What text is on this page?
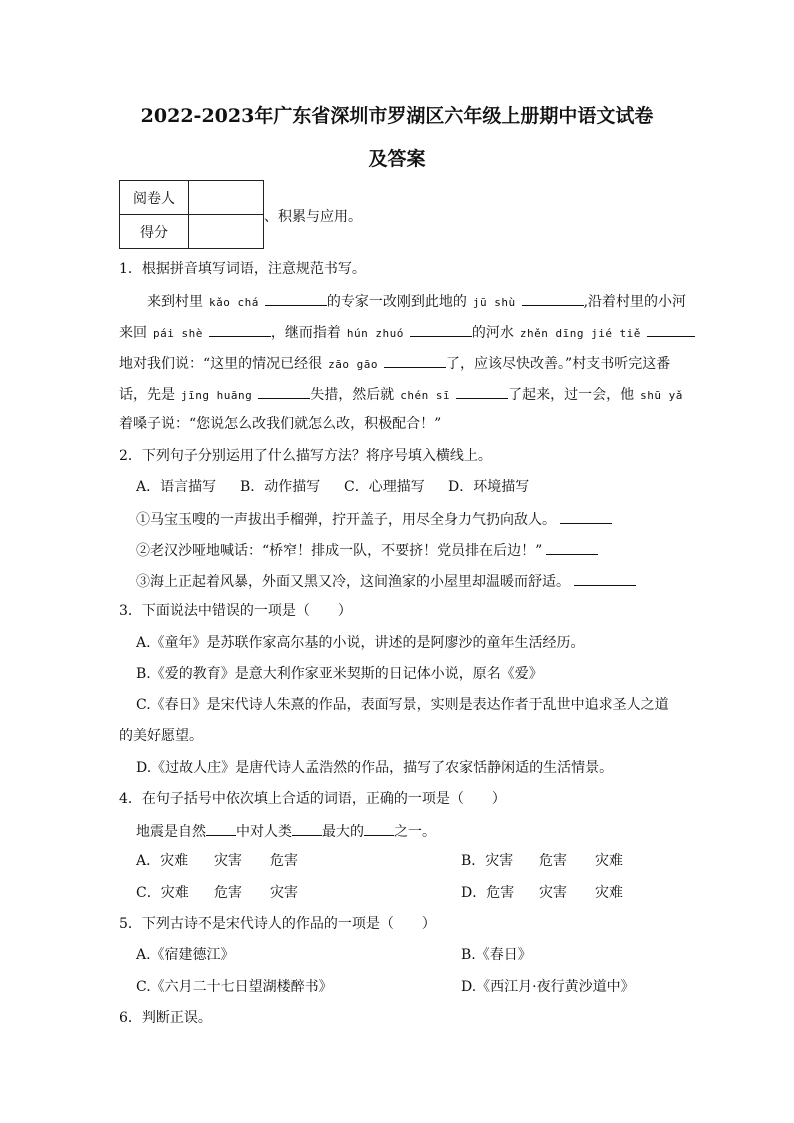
2022-2023年广东省深圳市罗湖区六年级上册期中语文试卷
及答案
阅卷人	
得分	
、积累与应用。
1．根据拼音填写词语，注意规范书写。
来到村里 kǎo chá	的专家一改刚到此地的 jū shù	,沿着村里的小河
来回 pái shè	，继而指着 hún zhuó	的河水 zhěn dīng jié tiě
地对我们说：“这里的情况已经很 zāo gāo	了，应该尽快改善。”村支书听完这番
话，先是 jīng huāng	失措，然后就 chén sī	了起来，过一会，他 shū yǎ
着嗓子说：“您说怎么改我们就怎么改，积极配合！”
2．下列句子分别运用了什么描写方法？将序号填入横线上。
A．语言描写 B．动作描写 C．心理描写 D．环境描写
①马宝玉嗖的一声拔出手榴弹，拧开盖子，用尽全身力气扔向敌人。
②老汉沙哑地喊话：“桥窄！排成一队，不要挤！党员排在后边！”
③海上正起着风暴，外面又黑又冷，这间渔家的小屋里却温暖而舒适。
3．下面说法中错误的一项是（　　）
A.《童年》是苏联作家高尔基的小说，讲述的是阿廖沙的童年生活经历。
B.《爱的教育》是意大利作家亚米契斯的日记体小说，原名《爱》
C.《春日》是宋代诗人朱熹的作品，表面写景，实则是表达作者于乱世中追求圣人之道
的美好愿望。
D.《过故人庄》是唐代诗人孟浩然的作品，描写了农家恬静闲适的生活情景。
4．在句子括号中依次填上合适的词语，正确的一项是（　　）
地震是自然 中对人类 最大的 之一。
A．灾难 灾害 危害	B．灾害 危害 灾难
C．灾难 危害 灾害	D．危害 灾害 灾难
5．下列古诗不是宋代诗人的作品的一项是（　　）
A.《宿建德江》	B.《春日》
C.《六月二十七日望湖楼醉书》	D.《西江月·夜行黄沙道中》
6．判断正误。
